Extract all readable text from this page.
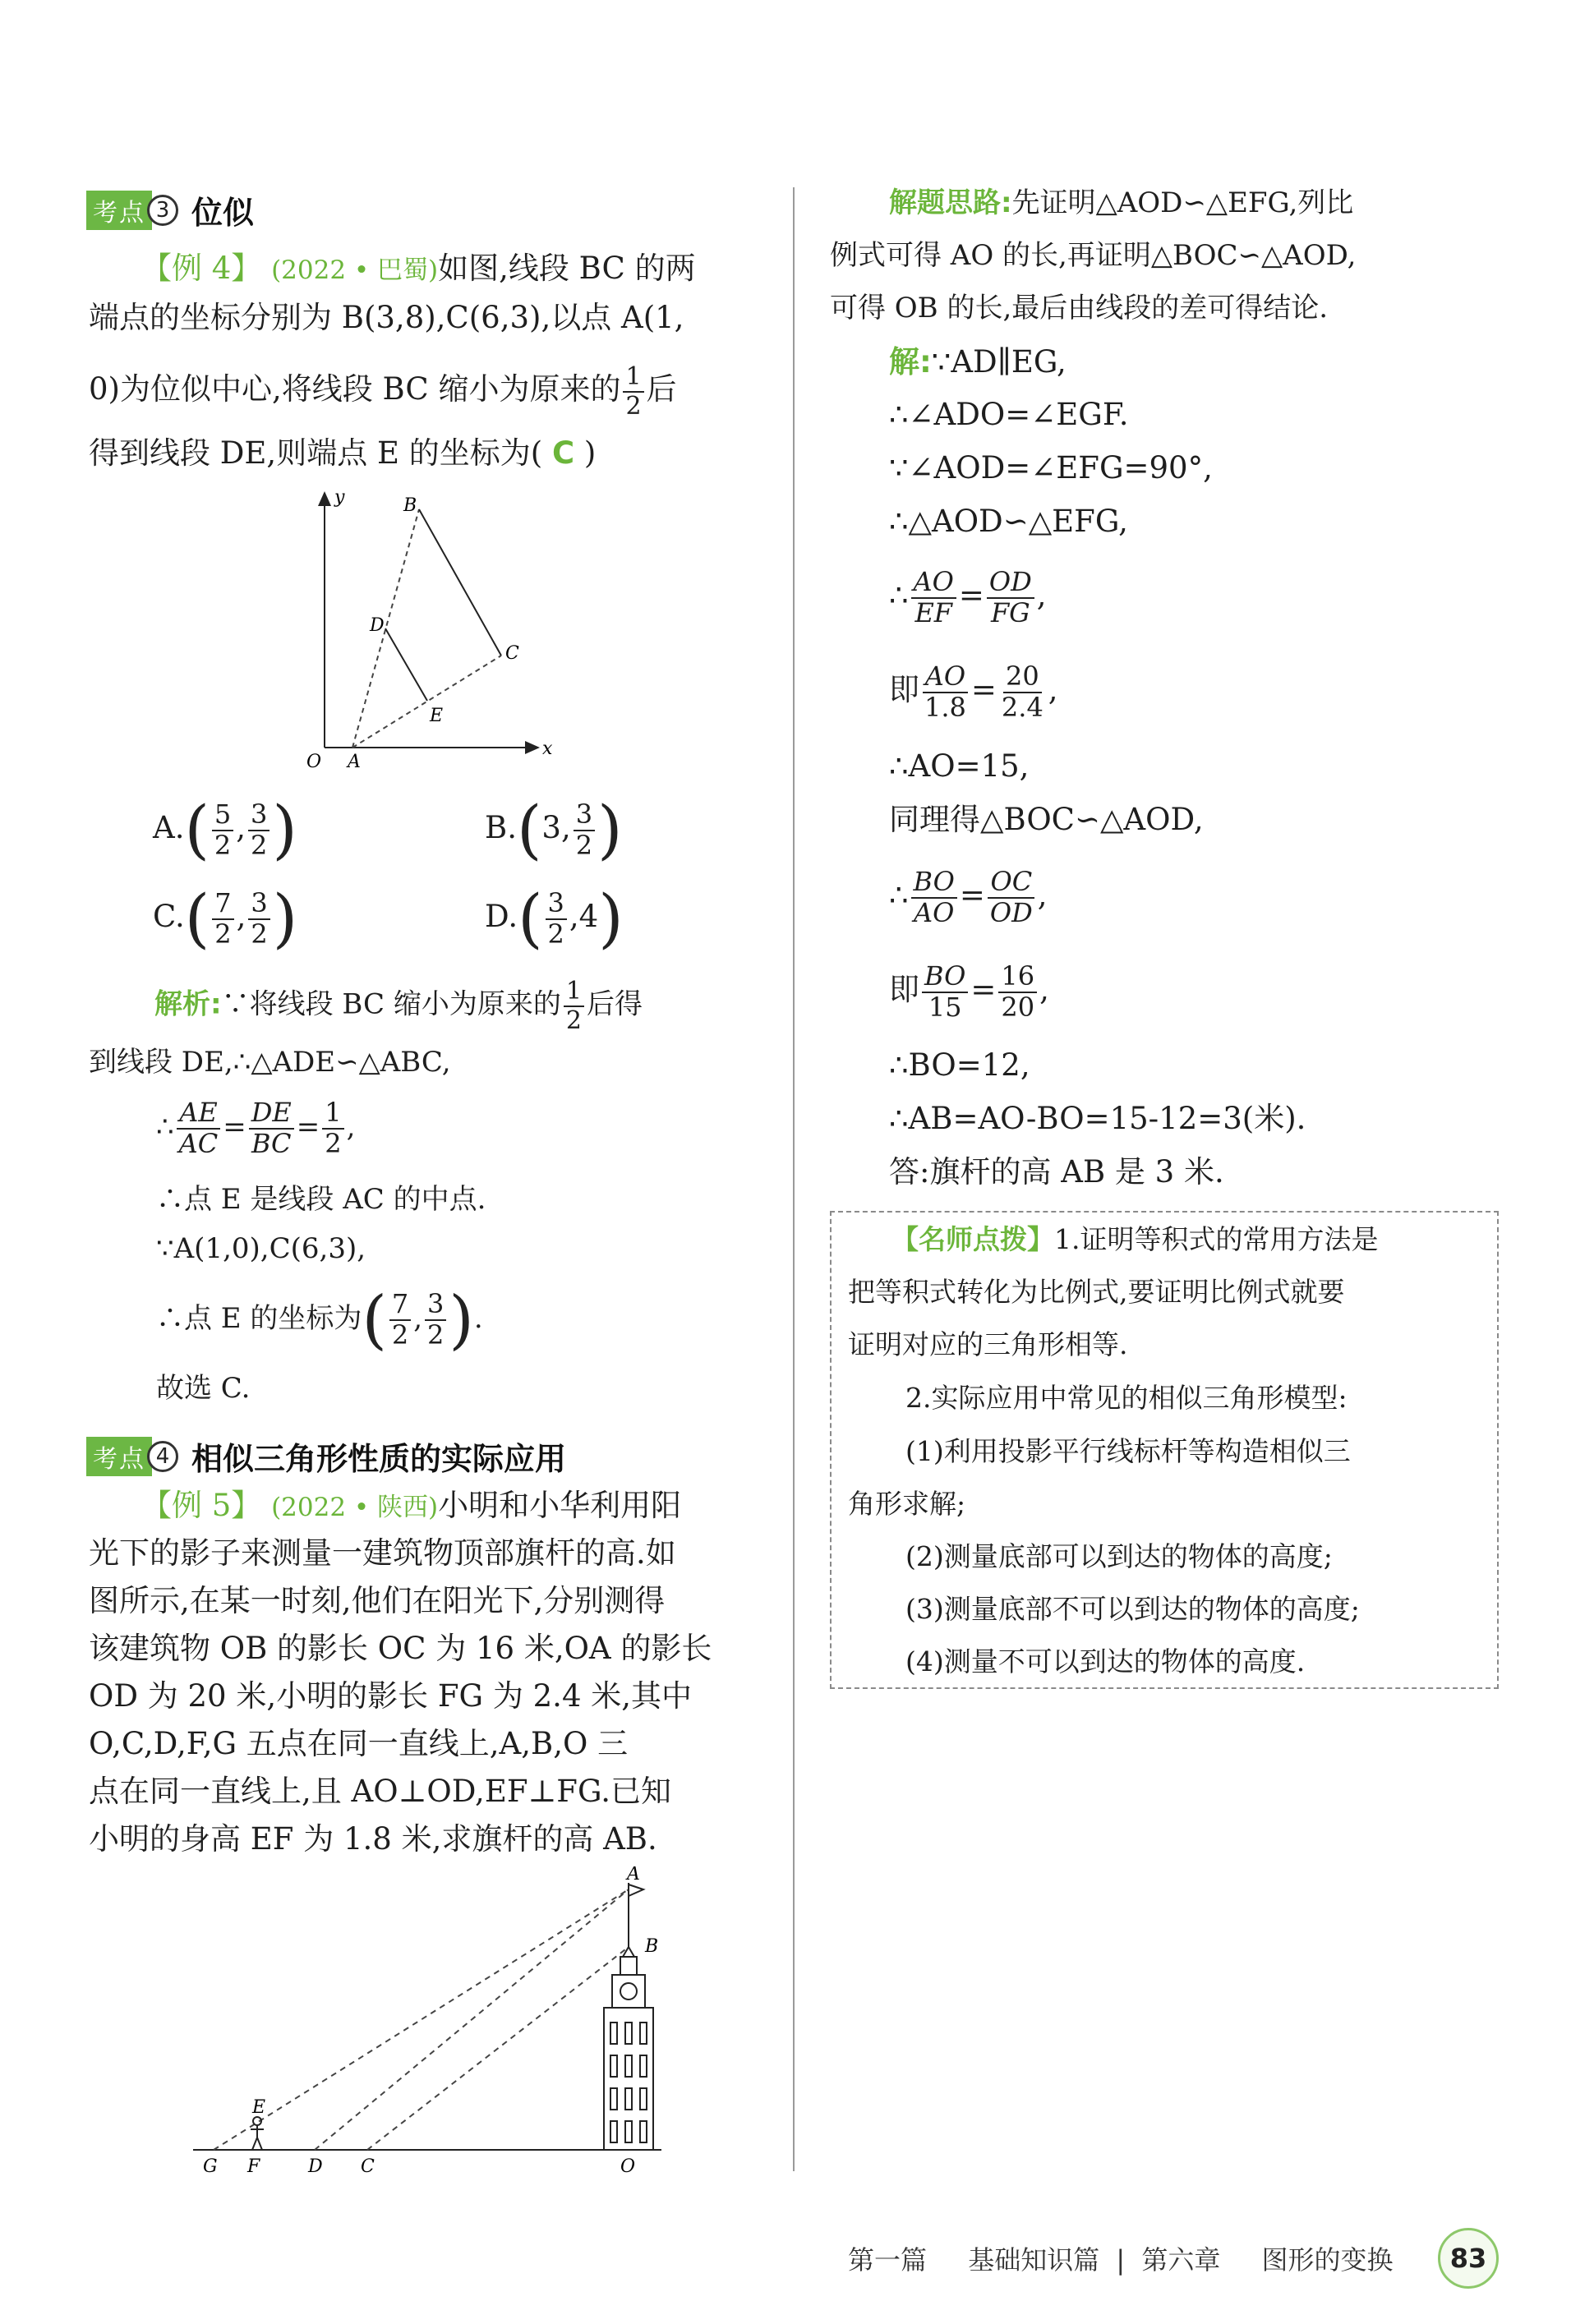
考点 3 位似
【例 4】 (2022 • 巴蜀)如图,线段 BC 的两
端点的坐标分别为 B(3,8),C(6,3),以点 A(1,
0)为位似中心,将线段 BC 缩小为原来的 $\frac{1}{2}$ 后
得到线段 DE,则端点 E 的坐标为( C )
y
x
O A
B
C
D
E
$A.( \frac{5}{2}$ , $\frac{3}{2}$ )	B.(3, $\frac{3}{2}$ )
$C.( \frac{7}{2}$ , $\frac{3}{2}$ )	$D.( \frac{3}{2} ,4)$
解析:∵将线段 BC 缩小为原来的 $\frac{1}{2}$ 后得
到线段 DE,∴△ADE∽△ABC,
∴ $\frac{AE}{AC} = \frac{DE}{BC} = \frac{1}{2}$ ,
∴点 E 是线段 AC 的中点.
∵A(1,0),C(6,3),
∴点 E 的坐标为( $\frac{7}{2}$ , $\frac{3}{2}$ ).
故选 C.
考点 4 相似三角形性质的实际应用
【例 5】 (2022 • 陕西)小明和小华利用阳
光下的影子来测量一建筑物顶部旗杆的高.如
图所示,在某一时刻,他们在阳光下,分别测得
该建筑物 OB 的影长 OC 为 16 米,OA 的影长
OD 为 20 米,小明的影长 FG 为 2.4 米,其中
O,C,D,F,G 五点在同一直线上,A,B,O 三
点在同一直线上,且 AO⊥OD,EF⊥FG.已知
小明的身高 EF 为 1.8 米,求旗杆的高 AB.
A
B
E
G F	D C	O
解题思路:先证明△AOD∽△EFG,列比
例式可得 AO 的长,再证明△BOC∽△AOD,
可得 OB 的长,最后由线段的差可得结论.
解:∵AD∥EG,
∴∠ADO=∠EGF.
∵∠AOD=∠EFG=90°,
∴△AOD∽△EFG,
∴ $\frac{AO}{EF} = \frac{OD}{FG}$ ,
即 $\frac{AO}{1.8} = \frac{20}{2.4}$ ,
∴AO=15,
同理得△BOC∽△AOD,
∴ $\frac{BO}{AO} = \frac{OC}{OD}$ ,
即 $\frac{BO}{15} = \frac{16}{20}$ ,
∴BO=12,
∴AB=AO-BO=15-12=3(米).
答:旗杆的高 AB 是 3 米.
【名师点拨】1.证明等积式的常用方法是
把等积式转化为比例式,要证明比例式就要
证明对应的三角形相等.
2.实际应用中常见的相似三角形模型:
(1)利用投影平行线标杆等构造相似三
角形求解;
(2)测量底部可以到达的物体的高度;
(3)测量底部不可以到达的物体的高度;
(4)测量不可以到达的物体的高度.
第一篇 基础知识篇 | 第六章 图形的变换	83
